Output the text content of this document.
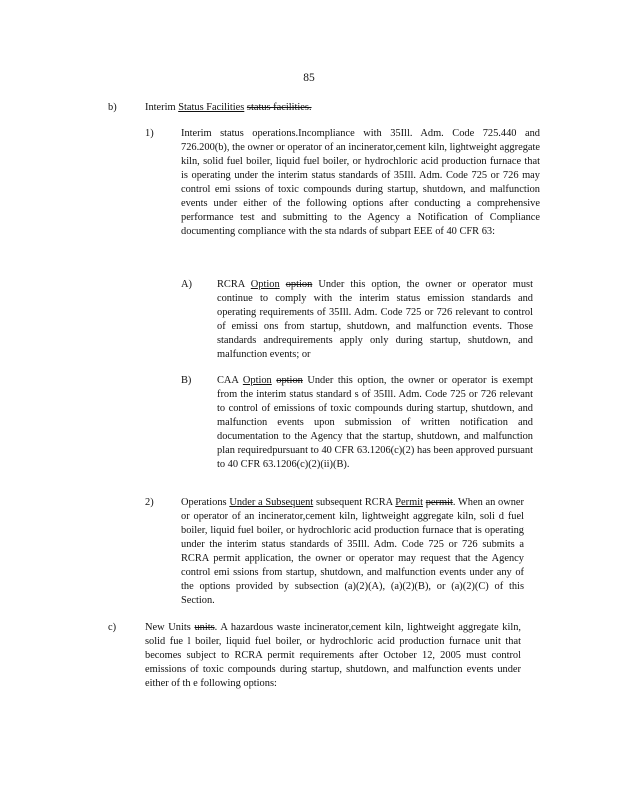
85
b)	Interim Status Facilities status facilities.
1)	Interim status operations.Incompliance with 35Ill. Adm. Code 725.440 and 726.200(b), the owner or operator of an incinerator,cement kiln, lightweight aggregate kiln, solid fuel boiler, liquid fuel boiler, or hydrochloric acid production furnace that is operating under the interim status standards of 35Ill. Adm. Code 725 or 726 may control emi ssions of toxic compounds during startup, shutdown, and malfunction events under either of the following options after conducting a comprehensive performance test and submitting to the Agency a Notification of Compliance documenting compliance with the sta ndards of subpart EEE of 40 CFR 63:
A) RCRA Option option Under this option, the owner or operator must continue to comply with the interim status emission standards and operating requirements of 35Ill. Adm. Code 725 or 726 relevant to control of emissi ons from startup, shutdown, and malfunction events. Those standards andrequirements apply only during startup, shutdown, and malfunction events; or
B) CAA Option option Under this option, the owner or operator is exempt from the interim status standard s of 35Ill. Adm. Code 725 or 726 relevant to control of emissions of toxic compounds during startup, shutdown, and malfunction events upon submission of written notification and documentation to the Agency that the startup, shutdown, and malfunction plan requiredpursuant to 40 CFR 63.1206(c)(2) has been approved pursuant to 40 CFR 63.1206(c)(2)(ii)(B).
2)	Operations Under a Subsequent subsequent RCRA Permit permit. When an owner or operator of an incinerator,cement kiln, lightweight aggregate kiln, soli d fuel boiler, liquid fuel boiler, or hydrochloric acid production furnace that is operating under the interim status standards of 35Ill. Adm. Code 725 or 726 submits a RCRA permit application, the owner or operator may request that the Agency control emi ssions from startup, shutdown, and malfunction events under any of the options provided by subsection (a)(2)(A), (a)(2)(B), or (a)(2)(C) of this Section.
c)	New Units units. A hazardous waste incinerator,cement kiln, lightweight aggregate kiln, solid fue l boiler, liquid fuel boiler, or hydrochloric acid production furnace unit that becomes subject to RCRA permit requirements after October 12, 2005 must control emissions of toxic compounds during startup, shutdown, and malfunction events under either of th e following options:
